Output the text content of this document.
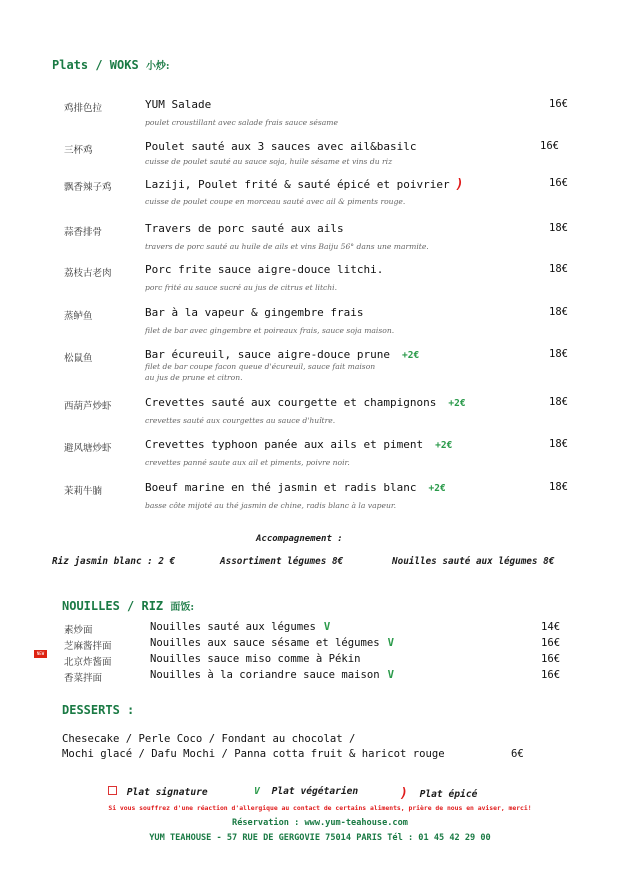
Plats / WOKS 小炒:
鸡排色拉	YUM Salade	16€
poulet croustillant avec salade frais sauce sésame
三杯鸡	Poulet sauté aux 3 sauces avec ail&basilc	16€
cuisse de poulet sauté au sauce soja, huile sésame et vins du riz
飘香辣子鸡	Laziji, Poulet frité & sauté épicé et poivrier )	16€
cuisse de poulet coupe en morceau sauté avec ail & piments rouge.
蒜香排骨	Travers de porc sauté aux ails	18€
travers de porc sauté au huile de ails et vins Baiju 56° dans une marmite.
荔枝古老肉	Porc frite sauce aigre-douce litchi.	18€
porc frité au sauce sucré au jus de citrus et litchi.
蒸鲈鱼	Bar à la vapeur & gingembre frais	18€
filet de bar avec gingembre et poireaux frais, sauce soja maison.
松鼠鱼	Bar écureuil, sauce aigre-douce prune +2€	18€
filet de bar coupe facon queue d'écureuil, sauce fait maison
au jus de prune et citron.
西葫芦炒虾	Crevettes sauté aux courgette et champignons +2€	18€
crevettes sauté aux courgettes au sauce d'huître.
避风塘炒虾	Crevettes typhoon panée aux ails et piment +2€	18€
crevettes panné saute aux ail et piments, poivre noir.
茉莉牛腩	Boeuf marine en thé jasmin et radis blanc +2€	18€
basse côte mijoté au thé jasmin de chine, radis blanc à la vapeur.
Accompagnement :
Riz jasmin blanc : 2 €	Assortiment légumes 8€	Nouilles sauté aux légumes 8€
NOUILLES / RIZ 面饭:
素炒面	Nouilles sauté aux légumes V	14€
NEW
芝麻酱拌面	Nouilles aux sauce sésame et légumes V	16€
北京炸酱面	Nouilles sauce miso comme à Pékin	16€
香菜拌面	Nouilles à la coriandre sauce maison V	16€
DESSERTS :
Chesecake / Perle Coco / Fondant au chocolat /
Mochi glacé / Dafu Mochi / Panna cotta fruit & haricot rouge	6€
Plat signature	V Plat végétarien	) Plat épicé
Si vous souffrez d'une réaction d'allergique au contact de certains aliments, prière de nous en aviser, merci!
Réservation : www.yum-teahouse.com
YUM TEAHOUSE - 57 RUE DE GERGOVIE 75014 PARIS Tél : 01 45 42 29 00
